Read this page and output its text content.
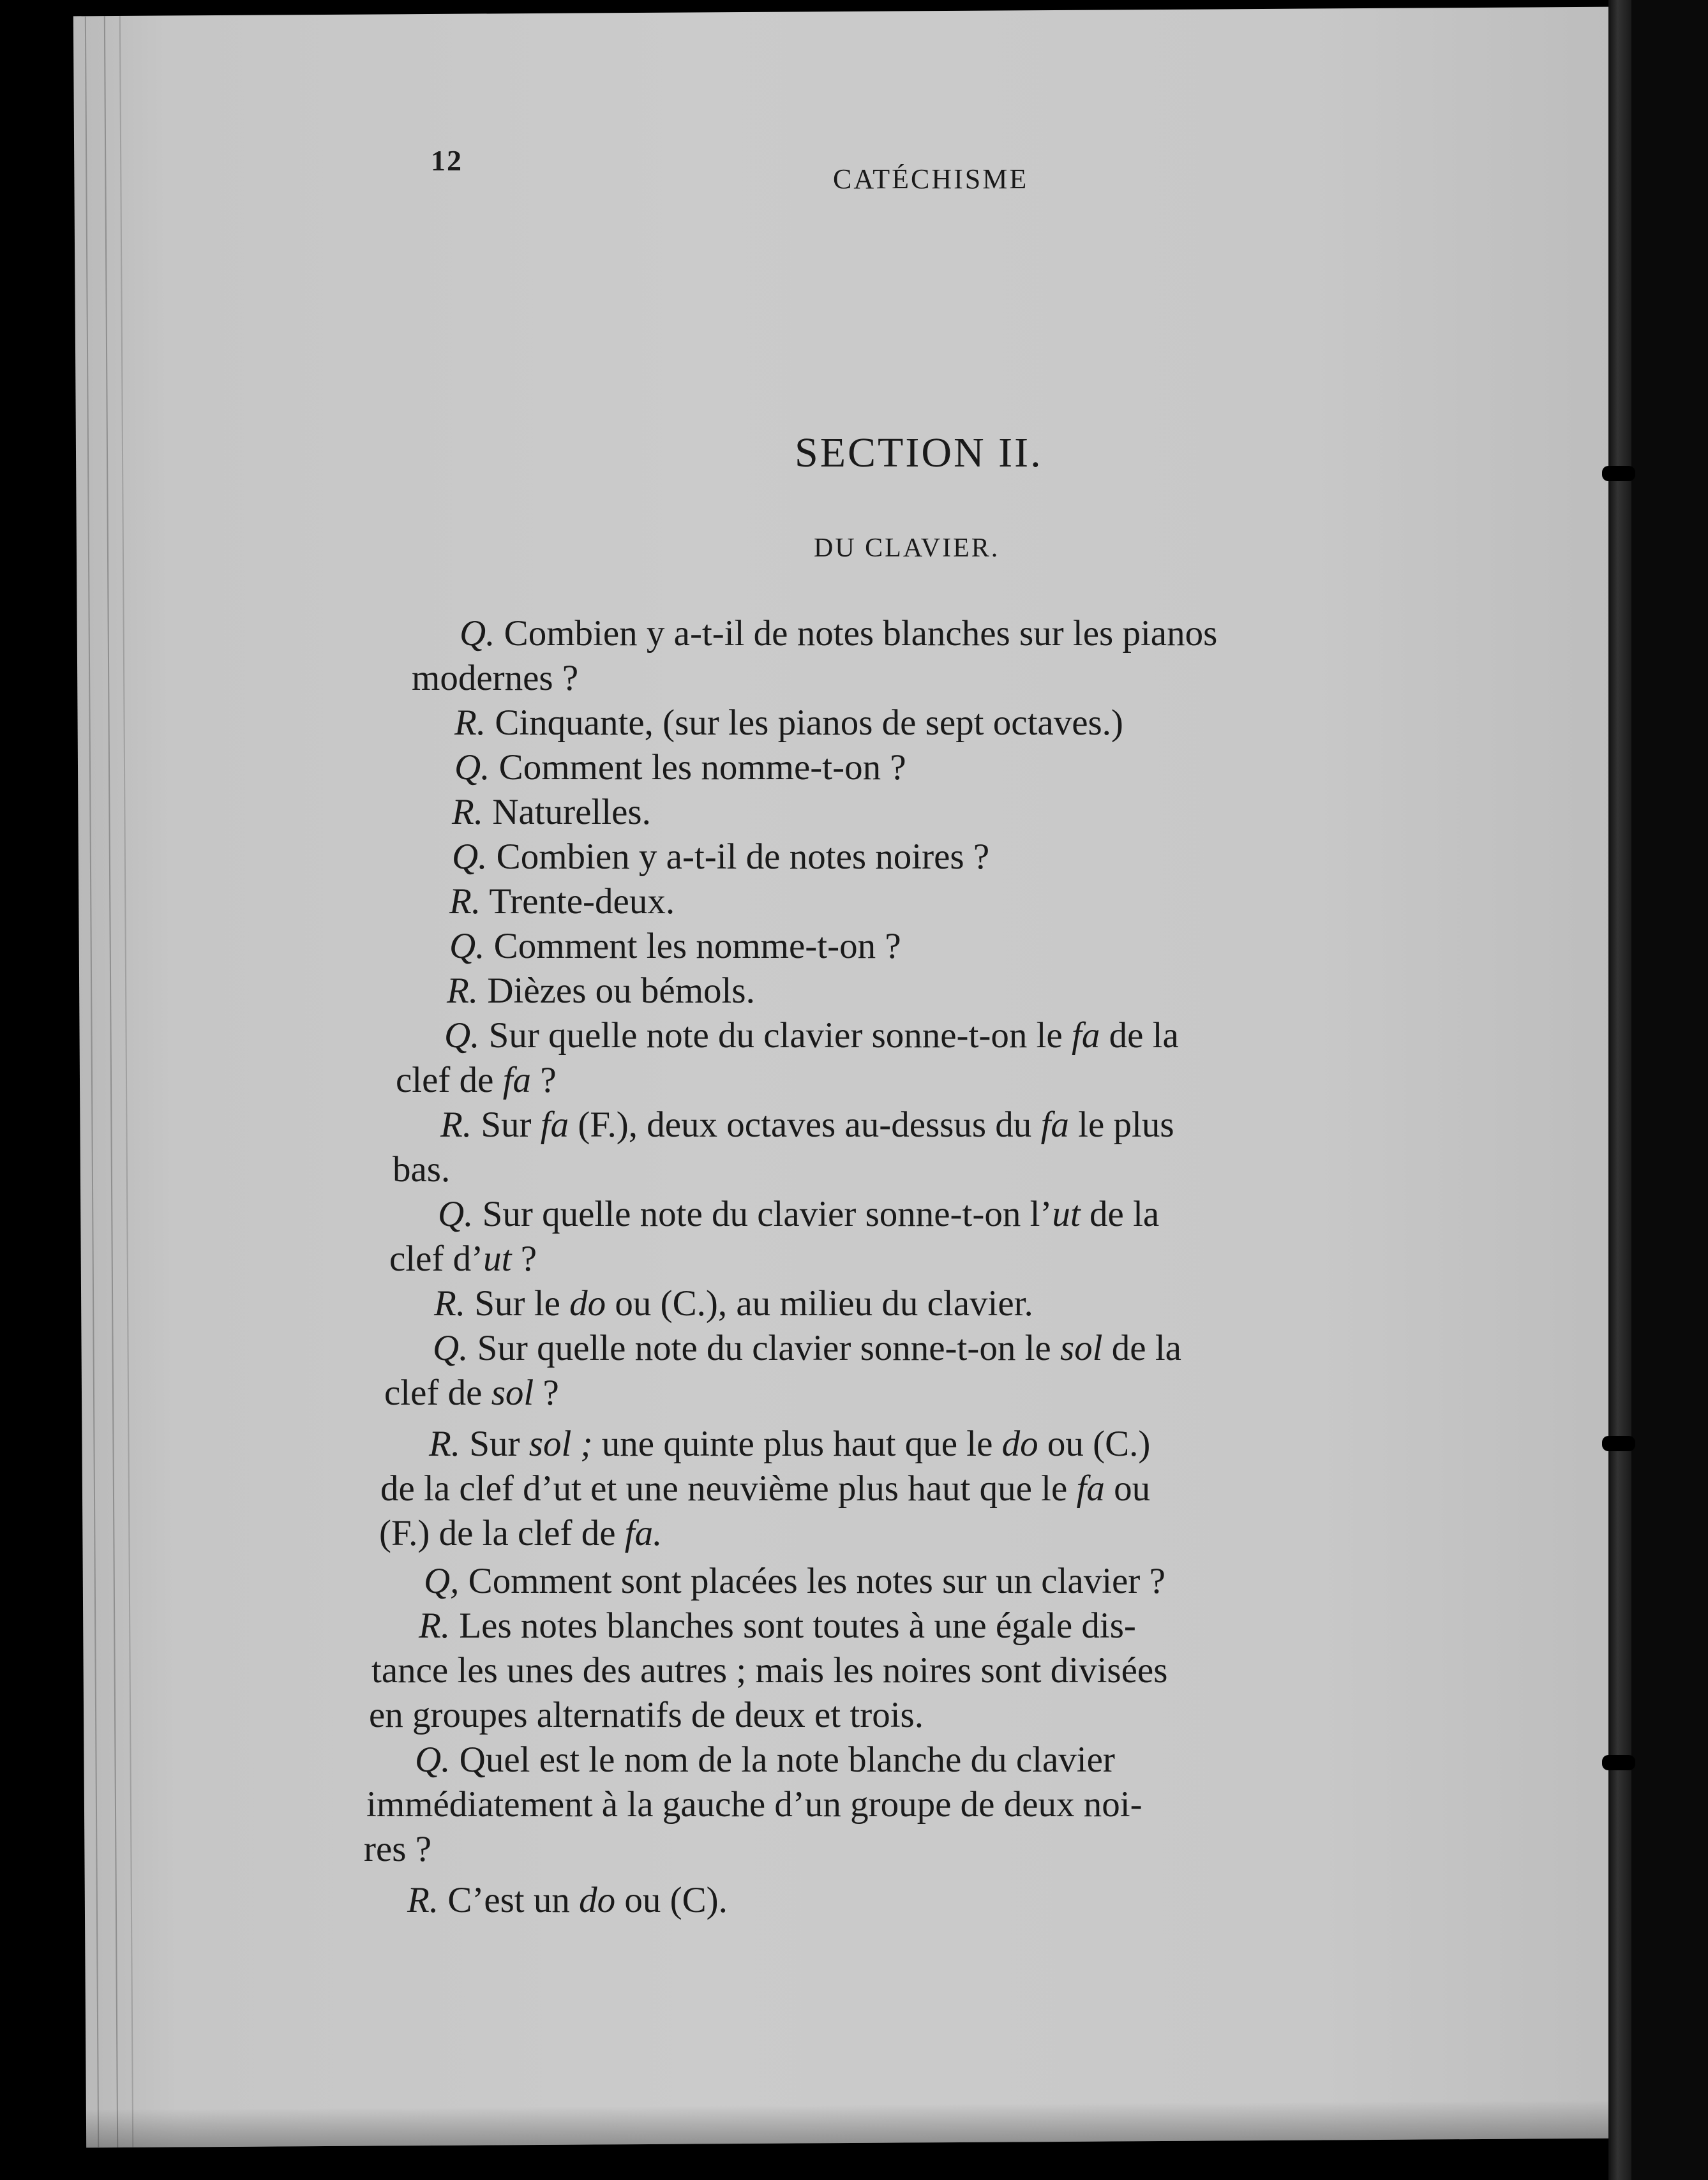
12
CATÉCHISME
SECTION II.
DU CLAVIER.
Q. Combien y a-t-il de notes blanches sur les pianos
modernes ?
R. Cinquante, (sur les pianos de sept octaves.)
Q. Comment les nomme-t-on ?
R. Naturelles.
Q. Combien y a-t-il de notes noires ?
R. Trente-deux.
Q. Comment les nomme-t-on ?
R. Dièzes ou bémols.
Q. Sur quelle note du clavier sonne-t-on le fa de la
clef de fa ?
R. Sur fa (F.), deux octaves au-dessus du fa le plus
bas.
Q. Sur quelle note du clavier sonne-t-on l’ut de la
clef d’ut ?
R. Sur le do ou (C.), au milieu du clavier.
Q. Sur quelle note du clavier sonne-t-on le sol de la
clef de sol ?
R. Sur sol ; une quinte plus haut que le do ou (C.)
de la clef d’ut et une neuvième plus haut que le fa ou
(F.) de la clef de fa.
Q, Comment sont placées les notes sur un clavier ?
R. Les notes blanches sont toutes à une égale dis-
tance les unes des autres ; mais les noires sont divisées
en groupes alternatifs de deux et trois.
Q. Quel est le nom de la note blanche du clavier
immédiatement à la gauche d’un groupe de deux noi-
res ?
R. C’est un do ou (C).
